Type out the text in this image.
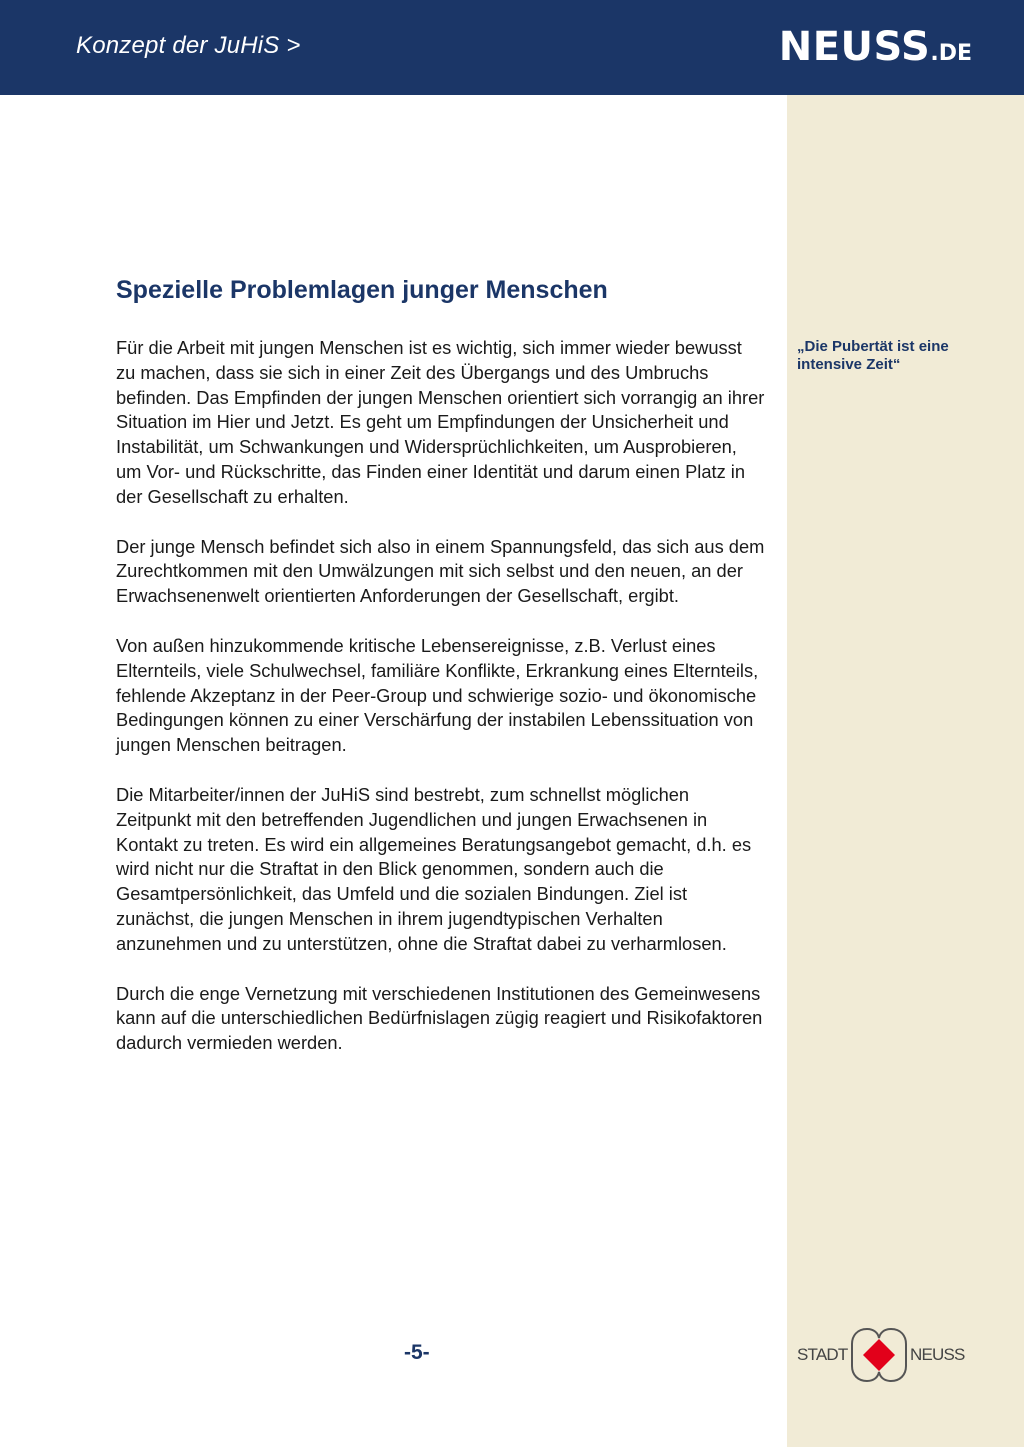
Konzept der JuHiS >	NEUSS.DE
„Die Pubertät ist eine intensive Zeit“
Spezielle Problemlagen junger Menschen

Für die Arbeit mit jungen Menschen ist es wichtig, sich immer wieder bewusst zu machen, dass sie sich in einer Zeit des Übergangs und des Umbruchs befinden. Das Empfinden der jungen Menschen orientiert sich vorrangig an ihrer Situation im Hier und Jetzt. Es geht um Empfindungen der Unsicherheit und Instabilität, um Schwankungen und Widersprüchlichkeiten, um Ausprobieren, um Vor- und Rückschritte, das Finden einer Identität und darum einen Platz in der Gesellschaft zu erhalten.

Der junge Mensch befindet sich also in einem Spannungsfeld, das sich aus dem Zurechtkommen mit den Umwälzungen mit sich selbst und den neuen, an der Erwachsenenwelt orientierten Anforderungen der Gesellschaft, ergibt.

Von außen hinzukommende kritische Lebensereignisse, z.B. Verlust eines Elternteils, viele Schulwechsel, familiäre Konflikte, Erkrankung eines Elternteils, fehlende Akzeptanz in der Peer-Group und schwierige sozio- und ökonomische Bedingungen können zu einer Verschärfung der instabilen Lebenssituation von jungen Menschen beitragen.

Die Mitarbeiter/innen der JuHiS sind bestrebt, zum schnellst möglichen Zeitpunkt mit den betreffenden Jugendlichen und jungen Erwachsenen in Kontakt zu treten. Es wird ein allgemeines Beratungsangebot gemacht, d.h. es wird nicht nur die Straftat in den Blick genommen, sondern auch die Gesamtpersönlichkeit, das Umfeld und die sozialen Bindungen. Ziel ist zunächst, die jungen Menschen in ihrem jugendtypischen Verhalten anzunehmen und zu unterstützen, ohne die Straftat dabei zu verharmlosen.

Durch die enge Vernetzung mit verschiedenen Institutionen des Gemeinwesens kann auf die unterschiedlichen Bedürfnislagen zügig reagiert und Risikofaktoren dadurch vermieden werden.

-5-	STADT	NEUSS
